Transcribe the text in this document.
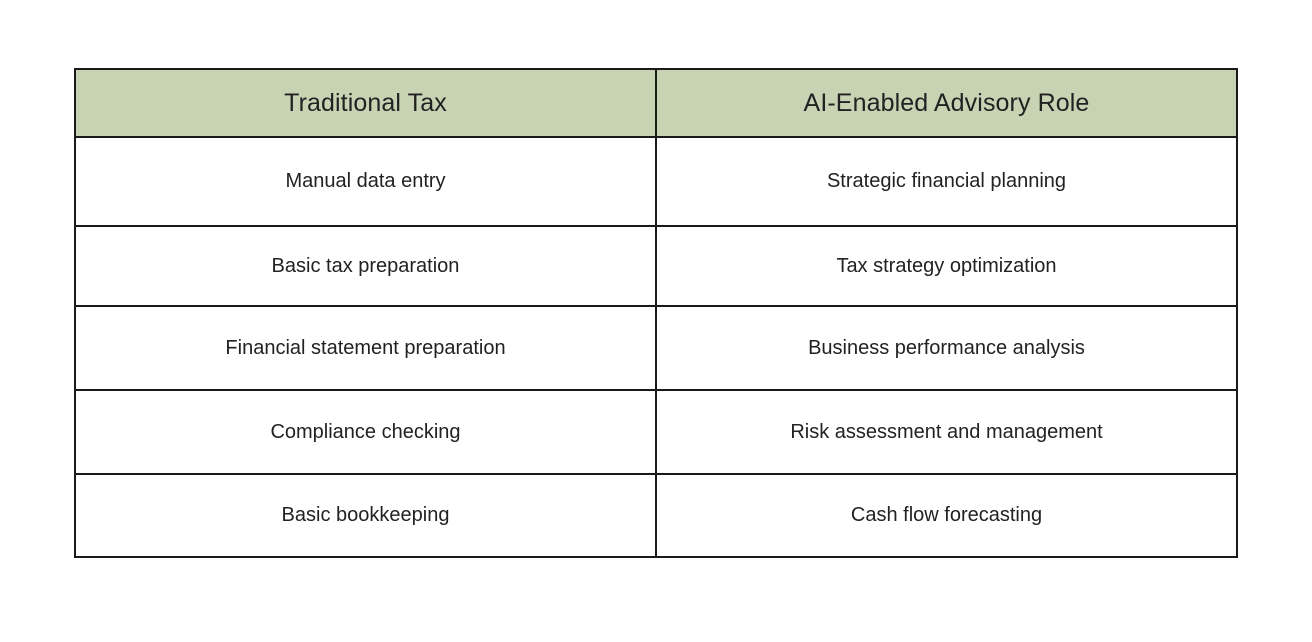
Traditional Tax	AI-Enabled Advisory Role
Manual data entry	Strategic financial planning
Basic tax preparation	Tax strategy optimization
Financial statement preparation	Business performance analysis
Compliance checking	Risk assessment and management
Basic bookkeeping	Cash flow forecasting
